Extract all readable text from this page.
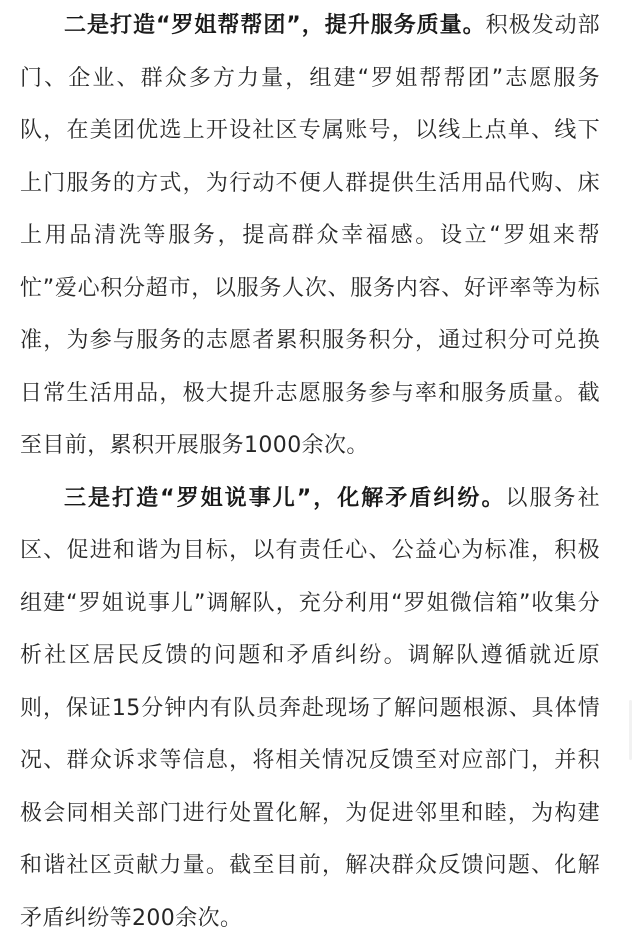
二是打造“罗姐帮帮团”，提升服务质量。积极发动部门、企业、群众多方力量，组建“罗姐帮帮团”志愿服务队，在美团优选上开设社区专属账号，以线上点单、线下上门服务的方式，为行动不便人群提供生活用品代购、床上用品清洗等服务，提高群众幸福感。设立“罗姐来帮忙”爱心积分超市，以服务人次、服务内容、好评率等为标准，为参与服务的志愿者累积服务积分，通过积分可兑换日常生活用品，极大提升志愿服务参与率和服务质量。截至目前，累积开展服务1000余次。

三是打造“罗姐说事儿”，化解矛盾纠纷。以服务社区、促进和谐为目标，以有责任心、公益心为标准，积极组建“罗姐说事儿”调解队，充分利用“罗姐微信箱”收集分析社区居民反馈的问题和矛盾纠纷。调解队遵循就近原则，保证15分钟内有队员奔赴现场了解问题根源、具体情况、群众诉求等信息，将相关情况反馈至对应部门，并积极会同相关部门进行处置化解，为促进邻里和睦，为构建和谐社区贡献力量。截至目前，解决群众反馈问题、化解矛盾纠纷等200余次。
